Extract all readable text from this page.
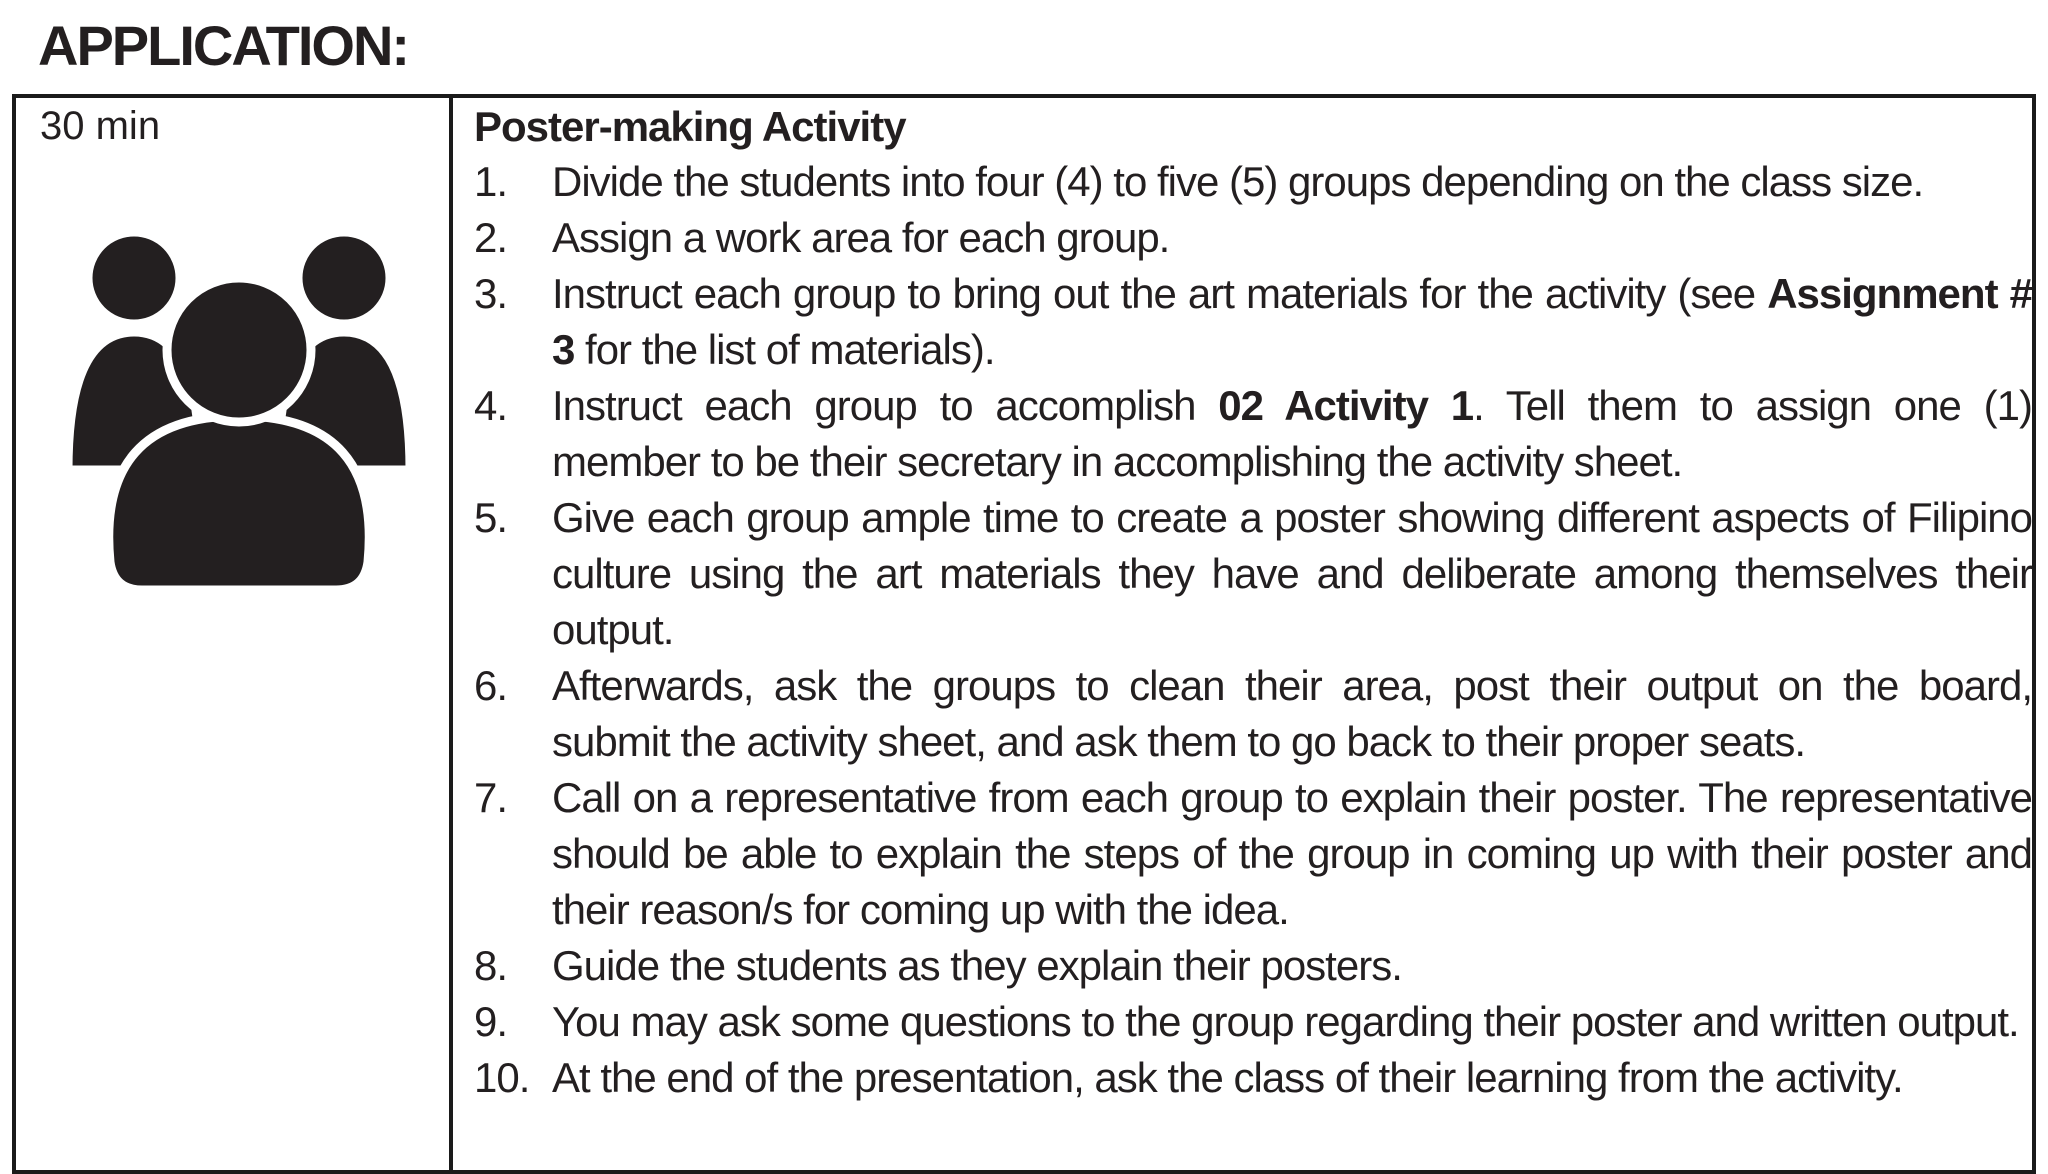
APPLICATION:
30 min	Poster-making Activity
1. Divide the students into four (4) to five (5) groups depending on the class size.
2. Assign a work area for each group.
3. Instruct each group to bring out the art materials for the activity (see Assignment # 3 for the list of materials).
4. Instruct each group to accomplish 02 Activity 1. Tell them to assign one (1) member to be their secretary in accomplishing the activity sheet.
5. Give each group ample time to create a poster showing different aspects of Filipino culture using the art materials they have and deliberate among themselves their output.
6. Afterwards, ask the groups to clean their area, post their output on the board, submit the activity sheet, and ask them to go back to their proper seats.
7. Call on a representative from each group to explain their poster. The representative should be able to explain the steps of the group in coming up with their poster and their reason/s for coming up with the idea.
8. Guide the students as they explain their posters.
9. You may ask some questions to the group regarding their poster and written output.
10. At the end of the presentation, ask the class of their learning from the activity.
